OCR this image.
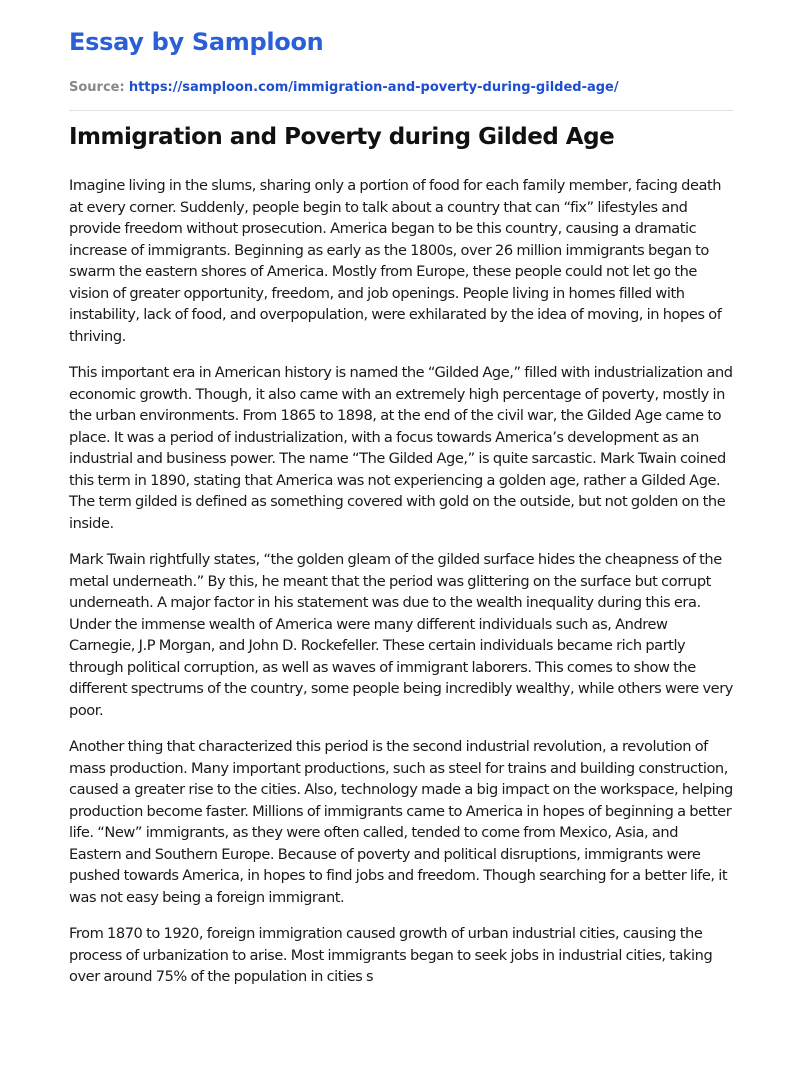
Essay by Samploon
Source: https://samploon.com/immigration-and-poverty-during-gilded-age/
Immigration and Poverty during Gilded Age

Imagine living in the slums, sharing only a portion of food for each family member, facing death at every corner. Suddenly, people begin to talk about a country that can “fix” lifestyles and provide freedom without prosecution. America began to be this country, causing a dramatic increase of immigrants. Beginning as early as the 1800s, over 26 million immigrants began to swarm the eastern shores of America. Mostly from Europe, these people could not let go the vision of greater opportunity, freedom, and job openings. People living in homes filled with instability, lack of food, and overpopulation, were exhilarated by the idea of moving, in hopes of thriving.

This important era in American history is named the “Gilded Age,” filled with industrialization and economic growth. Though, it also came with an extremely high percentage of poverty, mostly in the urban environments. From 1865 to 1898, at the end of the civil war, the Gilded Age came to place. It was a period of industrialization, with a focus towards America’s development as an industrial and business power. The name “The Gilded Age,” is quite sarcastic. Mark Twain coined this term in 1890, stating that America was not experiencing a golden age, rather a Gilded Age. The term gilded is defined as something covered with gold on the outside, but not golden on the inside.

Mark Twain rightfully states, “the golden gleam of the gilded surface hides the cheapness of the metal underneath.” By this, he meant that the period was glittering on the surface but corrupt underneath. A major factor in his statement was due to the wealth inequality during this era. Under the immense wealth of America were many different individuals such as, Andrew Carnegie, J.P Morgan, and John D. Rockefeller. These certain individuals became rich partly through political corruption, as well as waves of immigrant laborers. This comes to show the different spectrums of the country, some people being incredibly wealthy, while others were very poor.

Another thing that characterized this period is the second industrial revolution, a revolution of mass production. Many important productions, such as steel for trains and building construction, caused a greater rise to the cities. Also, technology made a big impact on the workspace, helping production become faster. Millions of immigrants came to America in hopes of beginning a better life. “New” immigrants, as they were often called, tended to come from Mexico, Asia, and Eastern and Southern Europe. Because of poverty and political disruptions, immigrants were pushed towards America, in hopes to find jobs and freedom. Though searching for a better life, it was not easy being a foreign immigrant.

From 1870 to 1920, foreign immigration caused growth of urban industrial cities, causing the process of urbanization to arise. Most immigrants began to seek jobs in industrial cities, taking over around 75% of the population in cities s
